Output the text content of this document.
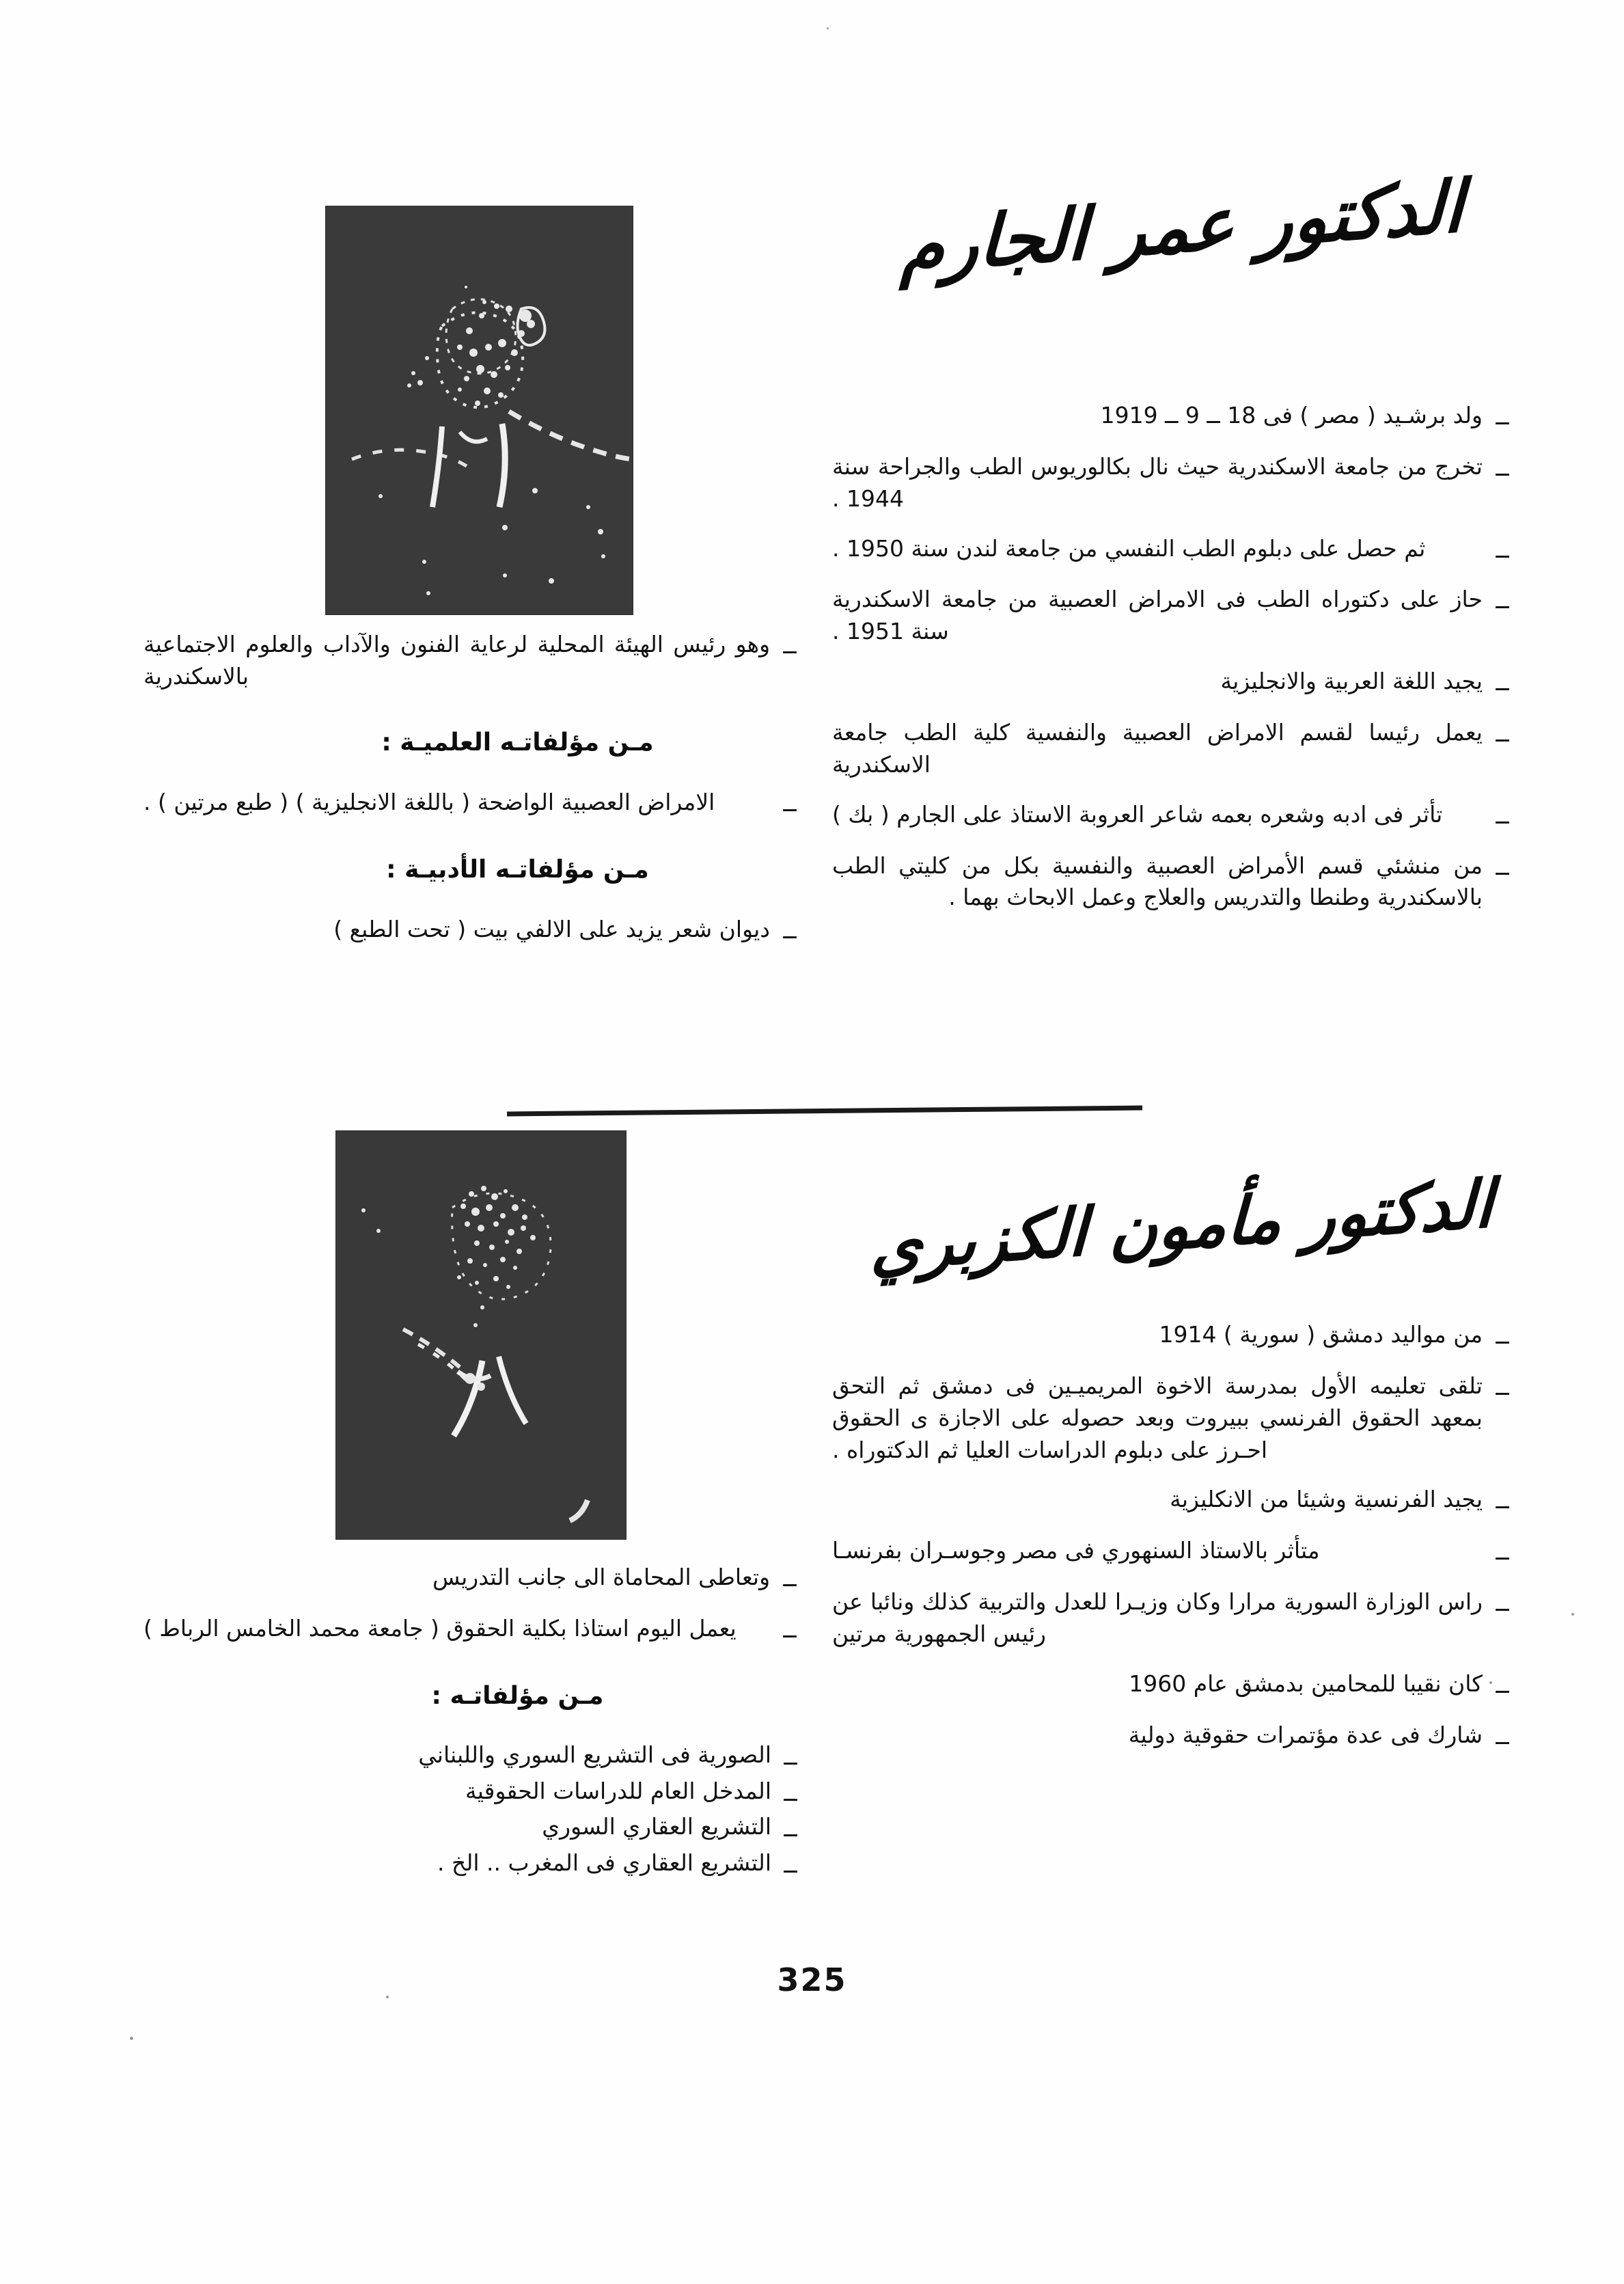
الدكتور عمر الجارم
ــ
ولد برشـيد ( مصر ) فى 18 ــ 9 ــ 1919
ــ
تخرج من جامعة الاسكندرية حيث نال بكالوريوس الطب والجراحة سنة 1944 .
ــ
ثم حصل على دبلوم الطب النفسي من جامعة لندن سنة 1950 .
ــ
حاز على دكتوراه الطب فى الامراض العصبية من جامعة الاسكندرية سنة 1951 .
ــ
يجيد اللغة العربية والانجليزية
ــ
يعمل رئيسا لقسم الامراض العصبية والنفسية كلية الطب جامعة الاسكندرية
ــ
تأثر فى ادبه وشعره بعمه شاعر العروبة الاستاذ على الجارم ( بك )
ــ
من منشئي قسم الأمراض العصبية والنفسية بكل من كليتي الطب بالاسكندرية وطنطا والتدريس والعلاج وعمل الابحاث بهما .
ــ
وهو رئيس الهيئة المحلية لرعاية الفنون والآداب والعلوم الاجتماعية بالاسكندرية
مـن مؤلفاتـه العلميـة :
ــ
الامراض العصبية الواضحة ( باللغة الانجليزية ) ( طبع مرتين ) .
مـن مؤلفاتـه الأدبيـة :
ــ
ديوان شعر يزيد على الالفي بيت ( تحت الطبع )
الدكتور مأمون الكزبري
ــ
من مواليد دمشق ( سورية ) 1914
ــ
تلقى تعليمه الأول بمدرسة الاخوة المريميـين فى دمشق ثم التحق بمعهد الحقوق الفرنسي ببيروت وبعد حصوله على الاجازة ى الحقوق احـرز على دبلوم الدراسات العليا ثم الدكتوراه .
ــ
يجيد الفرنسية وشيئا من الانكليزية
ــ
متأثر بالاستاذ السنهوري فى مصر وجوسـران بفرنسـا
ــ
راس الوزارة السورية مرارا وكان وزيـرا للعدل والتربية كذلك ونائبا عن رئيس الجمهورية مرتين
ــ
كان نقيبا للمحامين بدمشق عام 1960
ــ
شارك فى عدة مؤتمرات حقوقية دولية
ــ
وتعاطى المحاماة الى جانب التدريس
ــ
يعمل اليوم استاذا بكلية الحقوق ( جامعة محمد الخامس الرباط )
مـن مؤلفاتـه :
ــ
الصورية فى التشريع السوري واللبناني
ــ
المدخل العام للدراسات الحقوقية
ــ
التشريع العقاري السوري
ــ
التشريع العقاري فى المغرب .. الخ .
325
